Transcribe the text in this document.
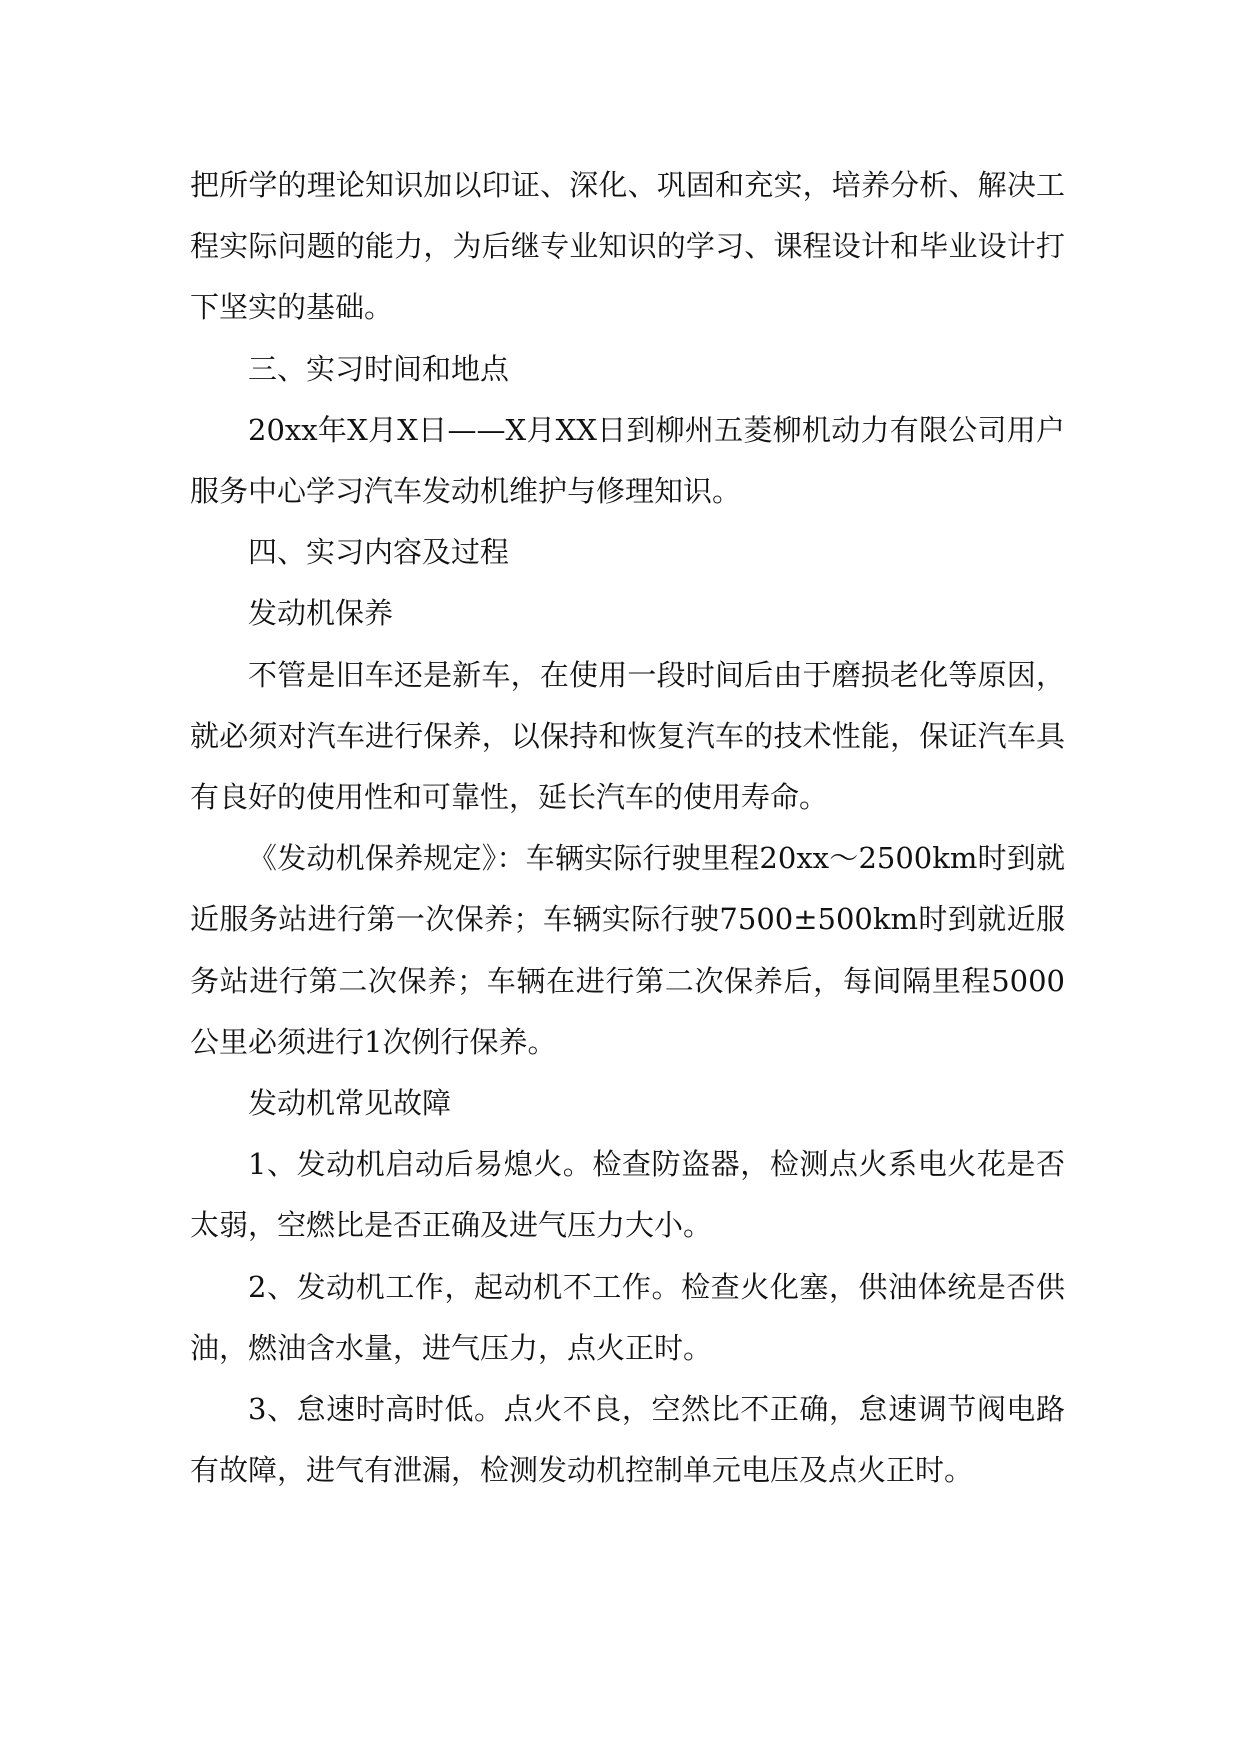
把所学的理论知识加以印证、深化、巩固和充实，培养分析、解决工程实际问题的能力，为后继专业知识的学习、课程设计和毕业设计打下坚实的基础。

三、实习时间和地点

20xx年X月X日——X月XX日到柳州五菱柳机动力有限公司用户服务中心学习汽车发动机维护与修理知识。

四、实习内容及过程

发动机保养

不管是旧车还是新车，在使用一段时间后由于磨损老化等原因，就必须对汽车进行保养，以保持和恢复汽车的技术性能，保证汽车具有良好的使用性和可靠性，延长汽车的使用寿命。

《发动机保养规定》：车辆实际行驶里程20xx～2500km时到就近服务站进行第一次保养；车辆实际行驶7500±500km时到就近服务站进行第二次保养；车辆在进行第二次保养后，每间隔里程5000公里必须进行1次例行保养。

发动机常见故障

1、发动机启动后易熄火。检查防盗器，检测点火系电火花是否太弱，空燃比是否正确及进气压力大小。

2、发动机工作，起动机不工作。检查火化塞，供油体统是否供油，燃油含水量，进气压力，点火正时。

3、怠速时高时低。点火不良，空然比不正确，怠速调节阀电路有故障，进气有泄漏，检测发动机控制单元电压及点火正时。
